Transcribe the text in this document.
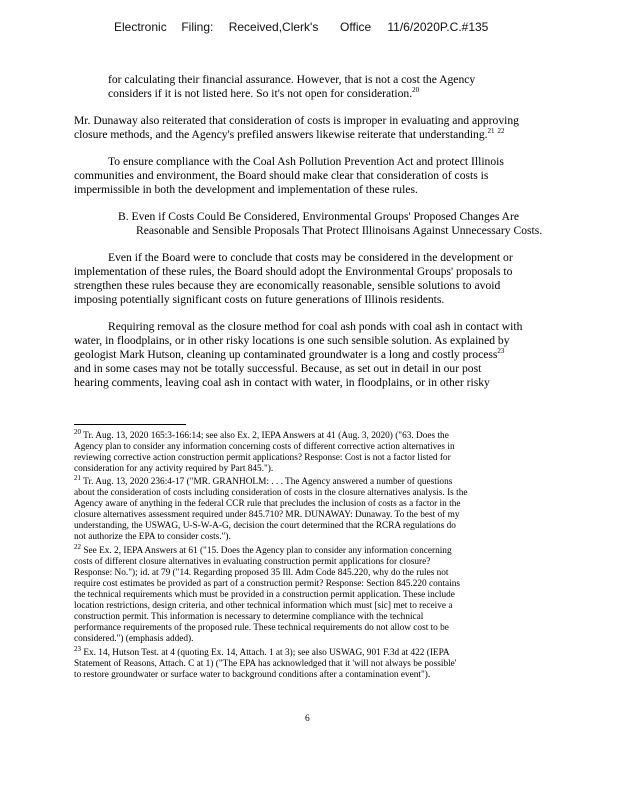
Electronic Filing: Received,Clerk's Office 11/6/2020P.C.#135
for calculating their financial assurance. However, that is not a cost the Agency
considers if it is not listed here. So it's not open for consideration.$^{20}$
Mr. Dunaway also reiterated that consideration of costs is improper in evaluating and approving
closure methods, and the Agency's prefiled answers likewise reiterate that understanding.$^{21}$ $^{22}$
To ensure compliance with the Coal Ash Pollution Prevention Act and protect Illinois
communities and environment, the Board should make clear that consideration of costs is
impermissible in both the development and implementation of these rules.
B. Even if Costs Could Be Considered, Environmental Groups' Proposed Changes Are
Reasonable and Sensible Proposals That Protect Illinoisans Against Unnecessary Costs.
Even if the Board were to conclude that costs may be considered in the development or
implementation of these rules, the Board should adopt the Environmental Groups' proposals to
strengthen these rules because they are economically reasonable, sensible solutions to avoid
imposing potentially significant costs on future generations of Illinois residents.
Requiring removal as the closure method for coal ash ponds with coal ash in contact with
water, in floodplains, or in other risky locations is one such sensible solution. As explained by
geologist Mark Hutson, cleaning up contaminated groundwater is a long and costly process$^{23}$
and in some cases may not be totally successful. Because, as set out in detail in our post
hearing comments, leaving coal ash in contact with water, in floodplains, or in other risky
$^{20}$ Tr. Aug. 13, 2020 165:3-166:14; see also Ex. 2, IEPA Answers at 41 (Aug. 3, 2020) ("63. Does the
Agency plan to consider any information concerning costs of different corrective action alternatives in
reviewing corrective action construction permit applications? Response: Cost is not a factor listed for
consideration for any activity required by Part 845.").
$^{21}$ Tr. Aug. 13, 2020 236:4-17 ("MR. GRANHOLM: . . . The Agency answered a number of questions
about the consideration of costs including consideration of costs in the closure alternatives analysis. Is the
Agency aware of anything in the federal CCR rule that precludes the inclusion of costs as a factor in the
closure alternatives assessment required under 845.710? MR. DUNAWAY: Dunaway. To the best of my
understanding, the USWAG, U-S-W-A-G, decision the court determined that the RCRA regulations do
not authorize the EPA to consider costs.").
$^{22}$ See Ex. 2, IEPA Answers at 61 ("15. Does the Agency plan to consider any information concerning
costs of different closure alternatives in evaluating construction permit applications for closure?
Response: No."); id. at 79 ("14. Regarding proposed 35 Ill. Adm Code 845.220, why do the rules not
require cost estimates be provided as part of a construction permit? Response: Section 845.220 contains
the technical requirements which must be provided in a construction permit application. These include
location restrictions, design criteria, and other technical information which must [sic] met to receive a
construction permit. This information is necessary to determine compliance with the technical
performance requirements of the proposed rule. These technical requirements do not allow cost to be
considered.") (emphasis added).
$^{23}$ Ex. 14, Hutson Test. at 4 (quoting Ex. 14, Attach. 1 at 3); see also USWAG, 901 F.3d at 422 (IEPA
Statement of Reasons, Attach. C at 1) ("The EPA has acknowledged that it 'will not always be possible'
to restore groundwater or surface water to background conditions after a contamination event").
6
